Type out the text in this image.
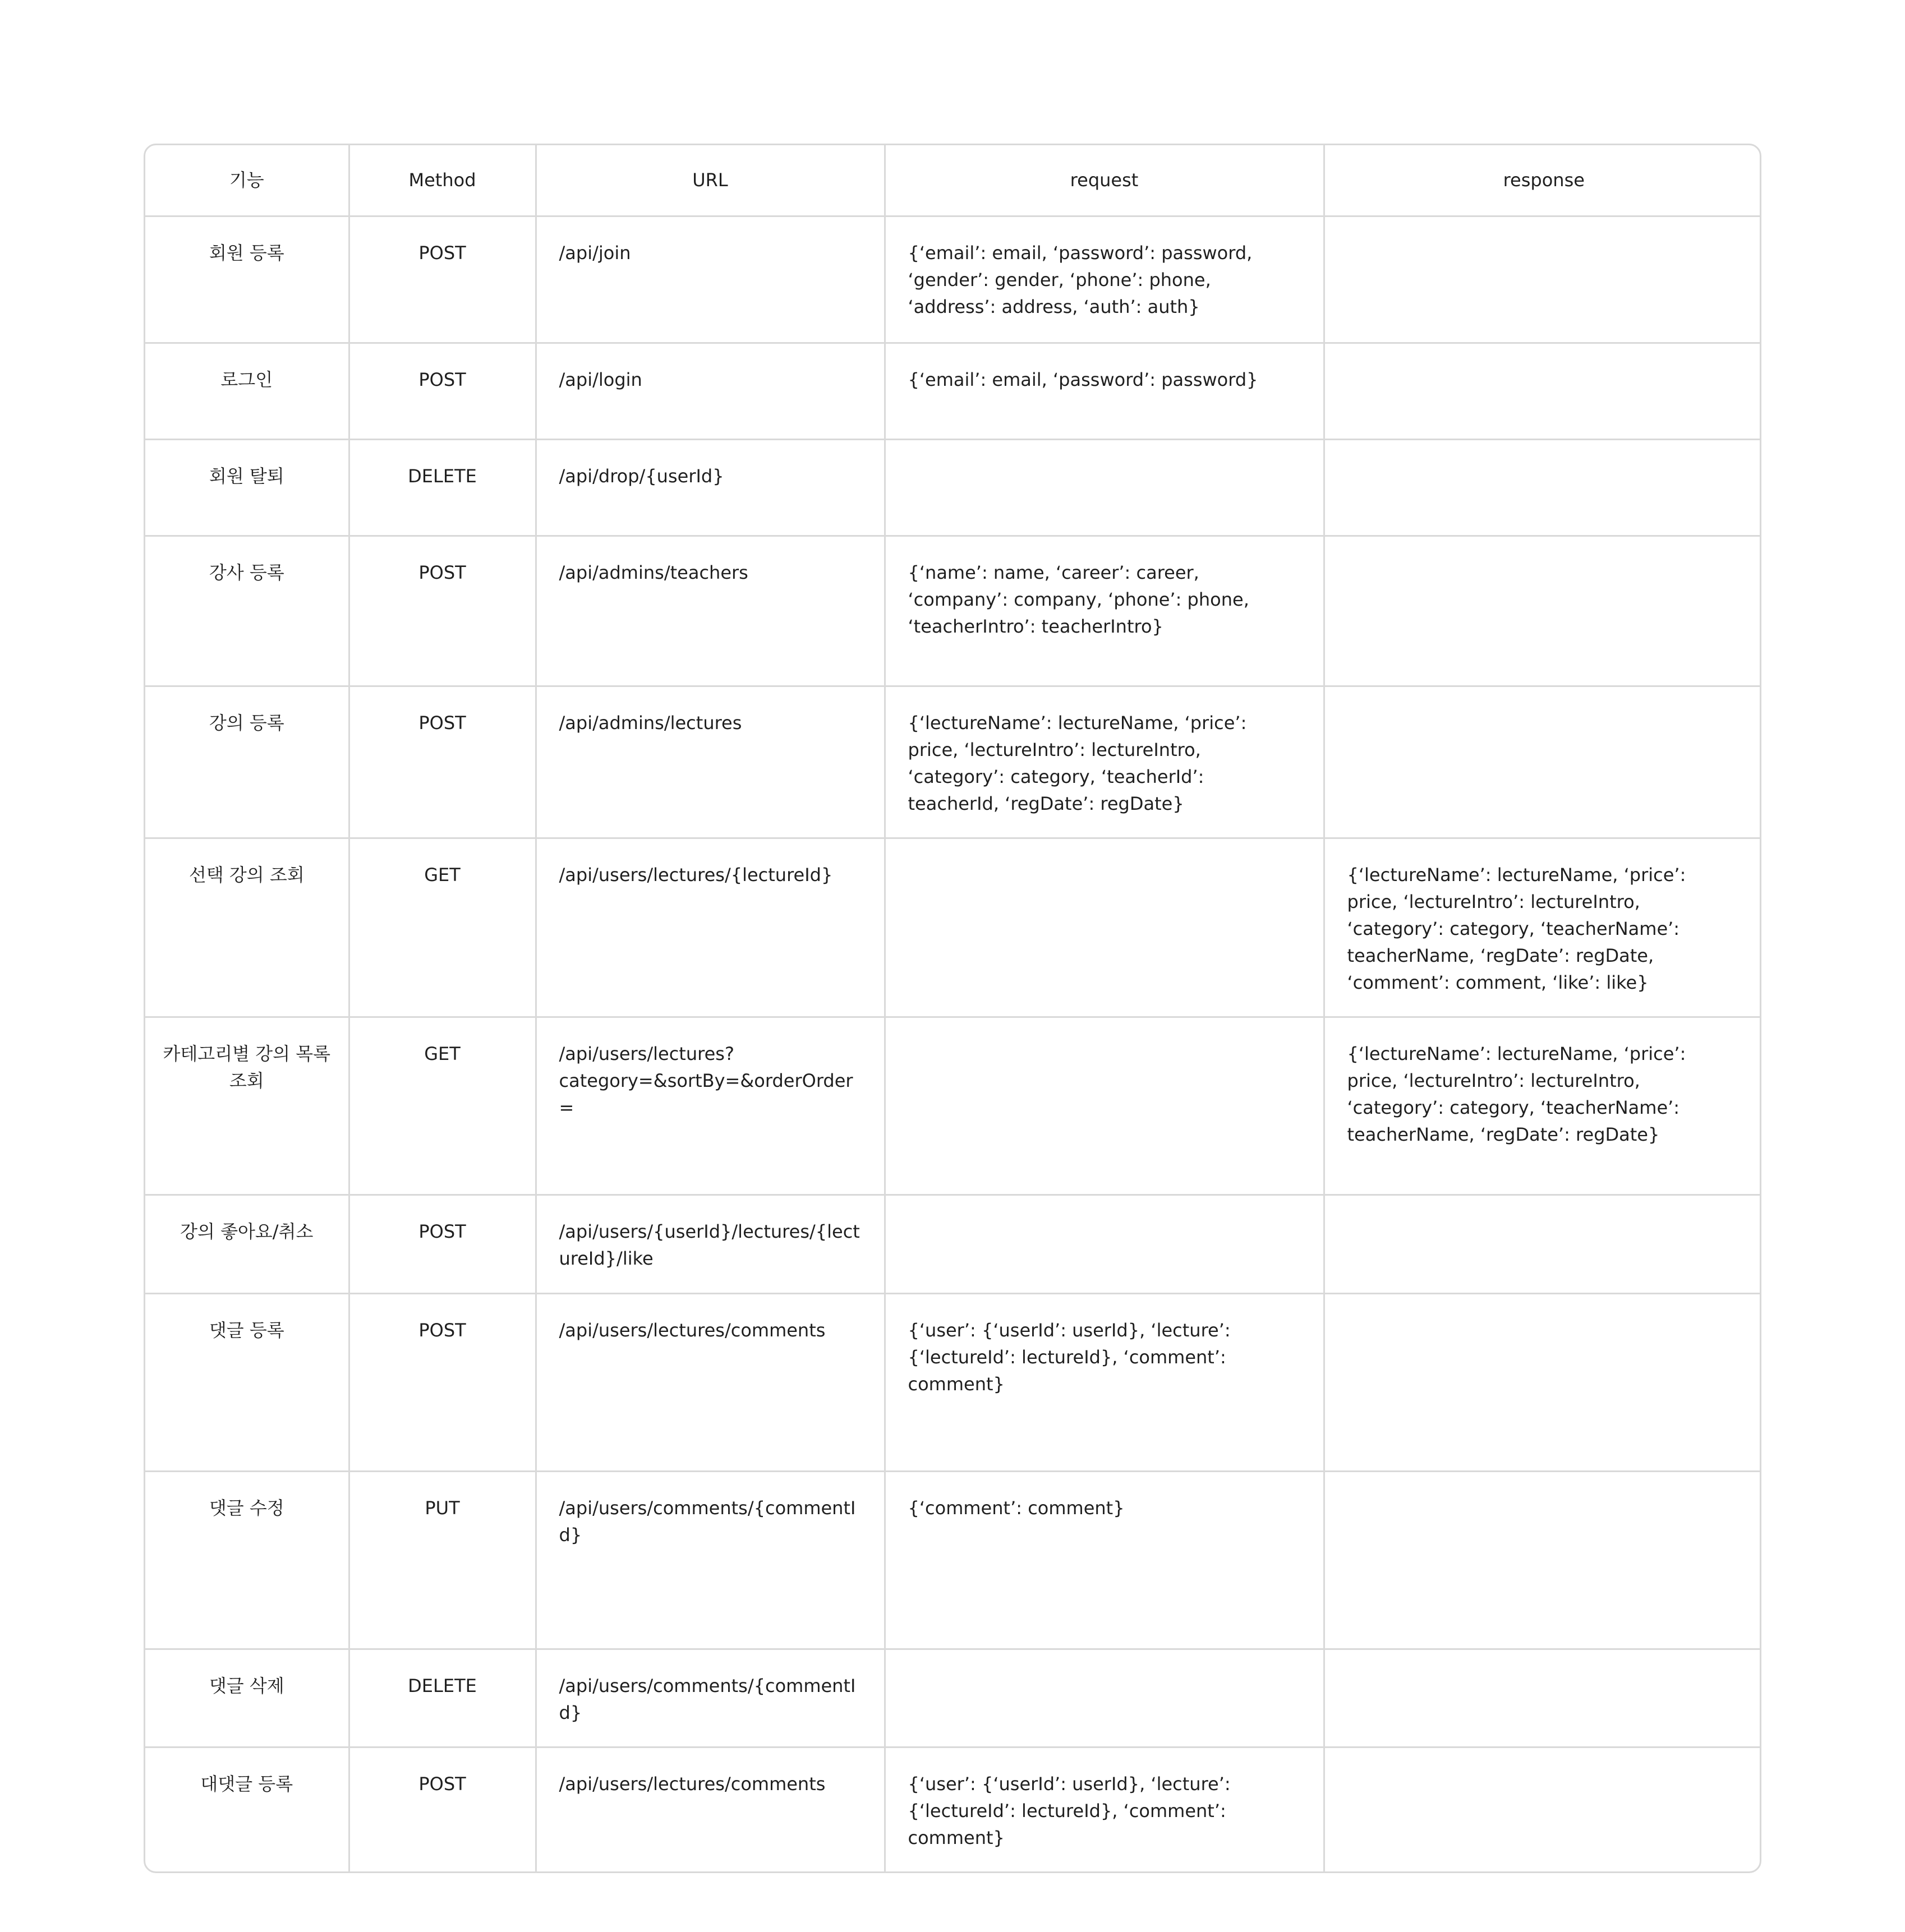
기능	Method	URL	request	response
회원 등록	POST	/api/join	{‘email’: email, ‘password’: password, ‘gender’: gender, ‘phone’: phone, ‘address’: address, ‘auth’: auth}	
로그인	POST	/api/login	{‘email’: email, ‘password’: password}	
회원 탈퇴	DELETE	/api/drop/{userId}		
강사 등록	POST	/api/admins/teachers	{‘name’: name, ‘career’: career, ‘company’: company, ‘phone’: phone, ‘teacherIntro’: teacherIntro}	
강의 등록	POST	/api/admins/lectures	{‘lectureName’: lectureName, ‘price’: price, ‘lectureIntro’: lectureIntro, ‘category’: category, ‘teacherId’: teacherId, ‘regDate’: regDate}	
선택 강의 조회	GET	/api/users/lectures/{lectureId}		{‘lectureName’: lectureName, ‘price’: price, ‘lectureIntro’: lectureIntro, ‘category’: category, ‘teacherName’: teacherName, ‘regDate’: regDate, ‘comment’: comment, ‘like’: like}
카테고리별 강의 목록 조회	GET	/api/users/lectures?category=&sortBy=&orderOrder=		{‘lectureName’: lectureName, ‘price’: price, ‘lectureIntro’: lectureIntro, ‘category’: category, ‘teacherName’: teacherName, ‘regDate’: regDate}
강의 좋아요/취소	POST	/api/users/{userId}/lectures/{lectureId}/like		
댓글 등록	POST	/api/users/lectures/comments	{‘user’: {‘userId’: userId}, ‘lecture’: {‘lectureId’: lectureId}, ‘comment’: comment}	
댓글 수정	PUT	/api/users/comments/{commentId}	{‘comment’: comment}	
댓글 삭제	DELETE	/api/users/comments/{commentId}		
대댓글 등록	POST	/api/users/lectures/comments	{‘user’: {‘userId’: userId}, ‘lecture’: {‘lectureId’: lectureId}, ‘comment’: comment}	
